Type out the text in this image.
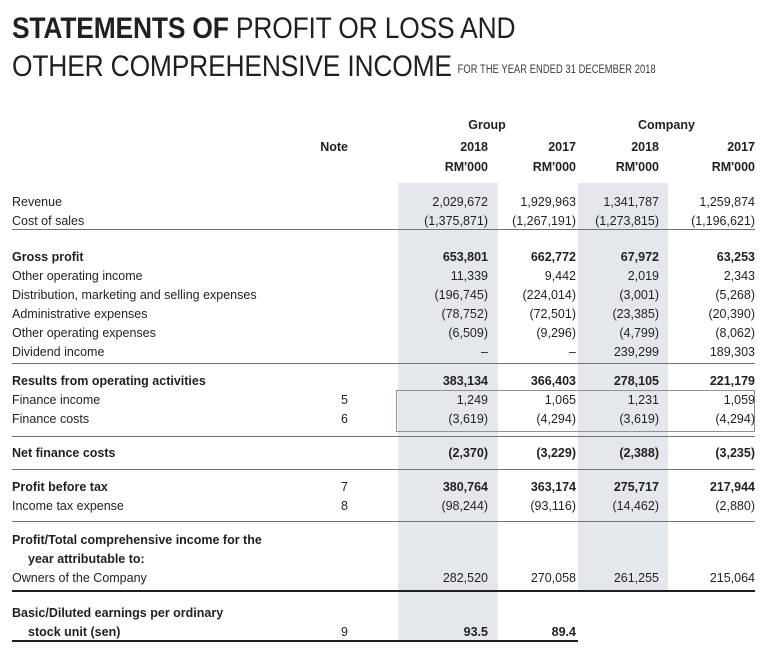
STATEMENTS OF PROFIT OR LOSS AND
OTHER COMPREHENSIVE INCOME FOR THE YEAR ENDED 31 DECEMBER 2018
Group	Company
Note	2018	2017	2018	2017
RM'000	RM'000	RM'000	RM'000
Revenue	2,029,672	1,929,963	1,341,787	1,259,874
Cost of sales	(1,375,871)	(1,267,191)	(1,273,815)	(1,196,621)
Gross profit	653,801	662,772	67,972	63,253
Other operating income	11,339	9,442	2,019	2,343
Distribution, marketing and selling expenses	(196,745)	(224,014)	(3,001)	(5,268)
Administrative expenses	(78,752)	(72,501)	(23,385)	(20,390)
Other operating expenses	(6,509)	(9,296)	(4,799)	(8,062)
Dividend income	–	–	239,299	189,303
Results from operating activities	383,134	366,403	278,105	221,179
Finance income	5	1,249	1,065	1,231	1,059
Finance costs	6	(3,619)	(4,294)	(3,619)	(4,294)
Net finance costs	(2,370)	(3,229)	(2,388)	(3,235)
Profit before tax	7	380,764	363,174	275,717	217,944
Income tax expense	8	(98,244)	(93,116)	(14,462)	(2,880)
Profit/Total comprehensive income for the
year attributable to:
Owners of the Company	282,520	270,058	261,255	215,064
Basic/Diluted earnings per ordinary
stock unit (sen)	9	93.5	89.4
